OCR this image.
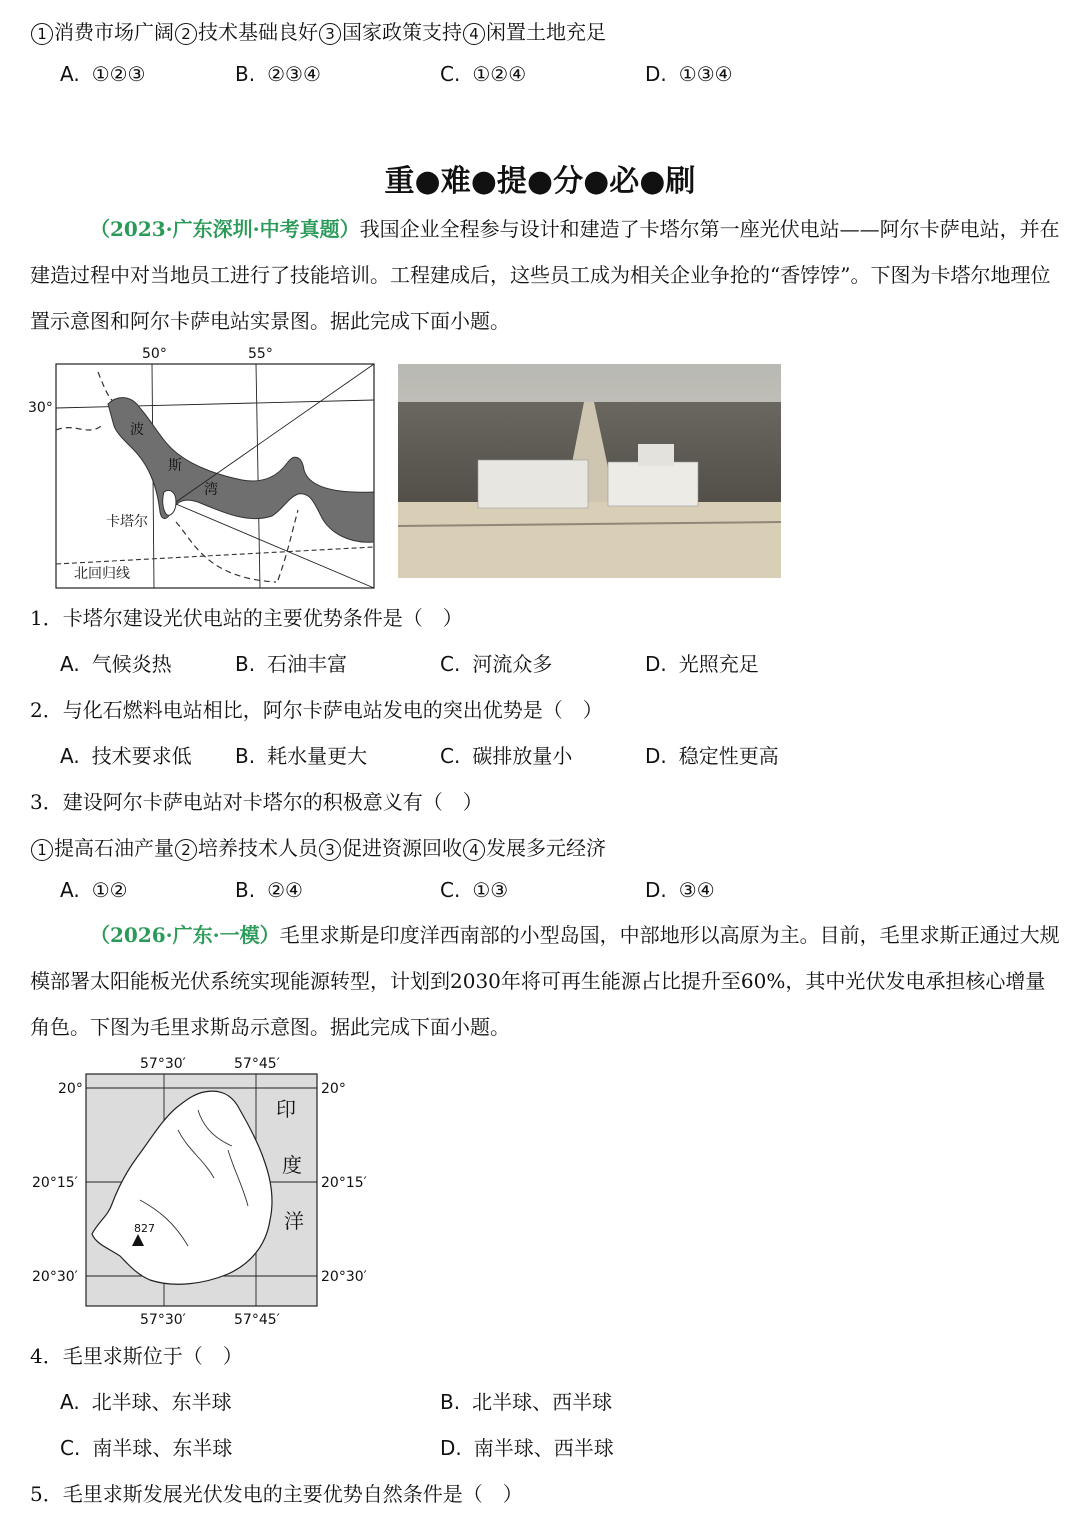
1 消费市场广阔 2 技术基础良好 3 国家政策支持 4 闲置土地充足
A. ①②③	B. ②③④	C. ①②④	D. ①③④
重●难●提●分●必●刷
（2023·广东深圳·中考真题）我国企业全程参与设计和建造了卡塔尔第一座光伏电站——阿尔卡萨电站，并在建造过程中对当地员工进行了技能培训。工程建成后，这些员工成为相关企业争抢的“香饽饽”。下图为卡塔尔地理位置示意图和阿尔卡萨电站实景图。据此完成下面小题。
50°	55°
30°
波
斯
湾
卡塔尔
北回归线
1．卡塔尔建设光伏电站的主要优势条件是（　）
A. 气候炎热	B. 石油丰富	C. 河流众多	D. 光照充足
2．与化石燃料电站相比，阿尔卡萨电站发电的突出优势是（　）
A. 技术要求低 B. 耗水量更大	C. 碳排放量小	D. 稳定性更高
3．建设阿尔卡萨电站对卡塔尔的积极意义有（　）
1 提高石油产量 2 培养技术人员 3 促进资源回收 4 发展多元经济
A. ①②	B. ②④	C. ①③	D. ③④
（2026·广东·一模）毛里求斯是印度洋西南部的小型岛国，中部地形以高原为主。目前，毛里求斯正通过大规模部署太阳能板光伏系统实现能源转型，计划到2030年将可再生能源占比提升至60%，其中光伏发电承担核心增量角色。下图为毛里求斯岛示意图。据此完成下面小题。
57°30′	57°45′
57°30′	57°45′
20°	20°
20°15′	20°15′
20°30′	20°30′
印
度
洋
827
4．毛里求斯位于（　）
A. 北半球、东半球	B. 北半球、西半球
C. 南半球、东半球	D. 南半球、西半球
5．毛里求斯发展光伏发电的主要优势自然条件是（　）
